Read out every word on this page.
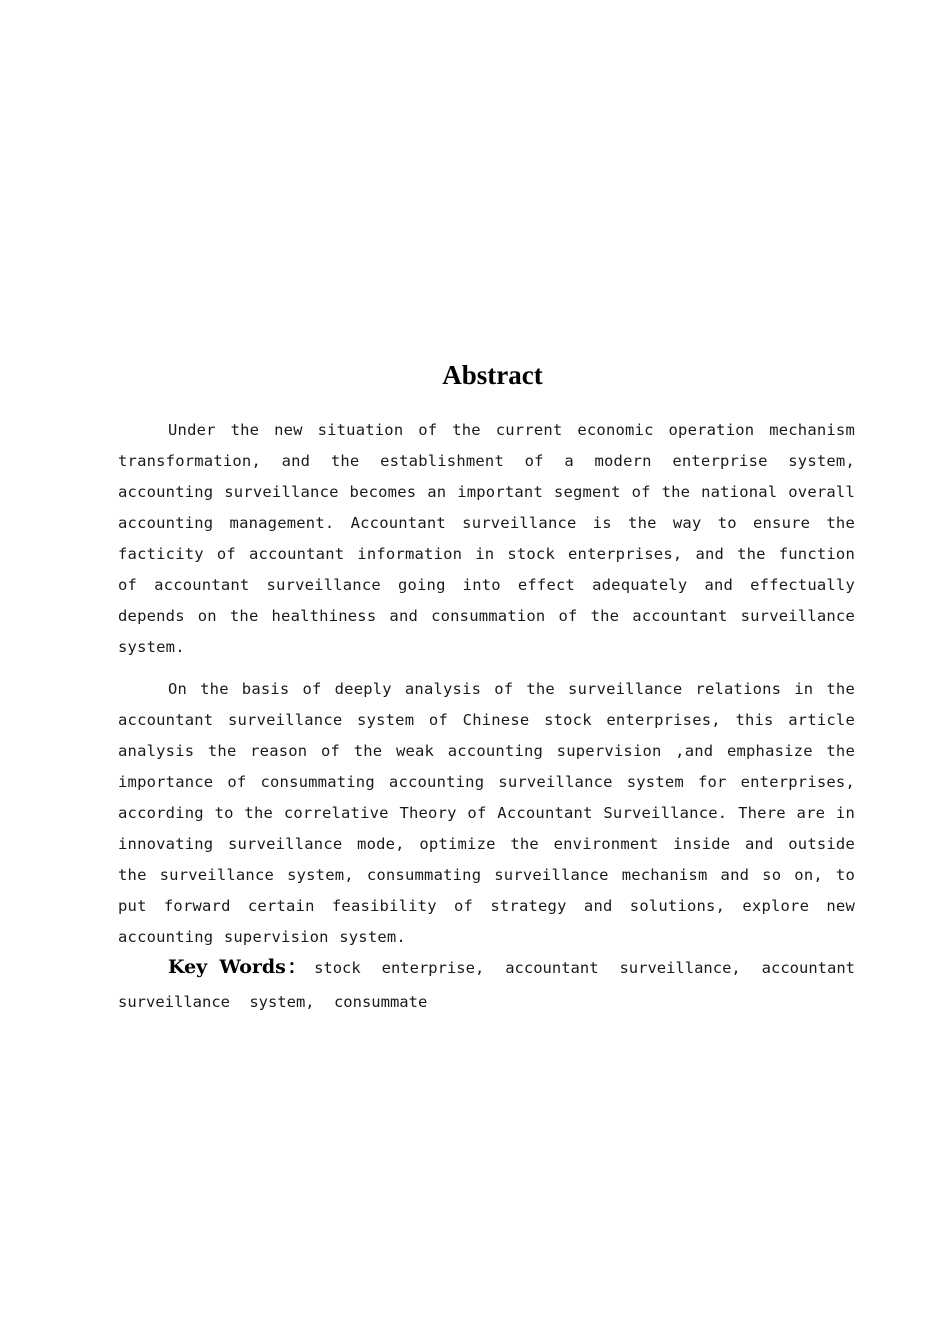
Abstract

Under the new situation of the current economic operation mechanism transformation, and the establishment of a modern enterprise system, accounting surveillance becomes an important segment of the national overall accounting management. Accountant surveillance is the way to ensure the facticity of accountant information in stock enterprises, and the function of accountant surveillance going into effect adequately and effectually depends on the healthiness and consummation of the accountant surveillance system.

On the basis of deeply analysis of the surveillance relations in the accountant surveillance system of Chinese stock enterprises, this article analysis the reason of the weak accounting supervision ,and emphasize the importance of consummating accounting surveillance system for enterprises, according to the correlative Theory of Accountant Surveillance. There are in innovating surveillance mode, optimize the environment inside and outside the surveillance system, consummating surveillance mechanism and so on, to put forward certain feasibility of strategy and solutions, explore new accounting supervision system.

Key Words： stock enterprise, accountant surveillance, accountant surveillance system, consummate
